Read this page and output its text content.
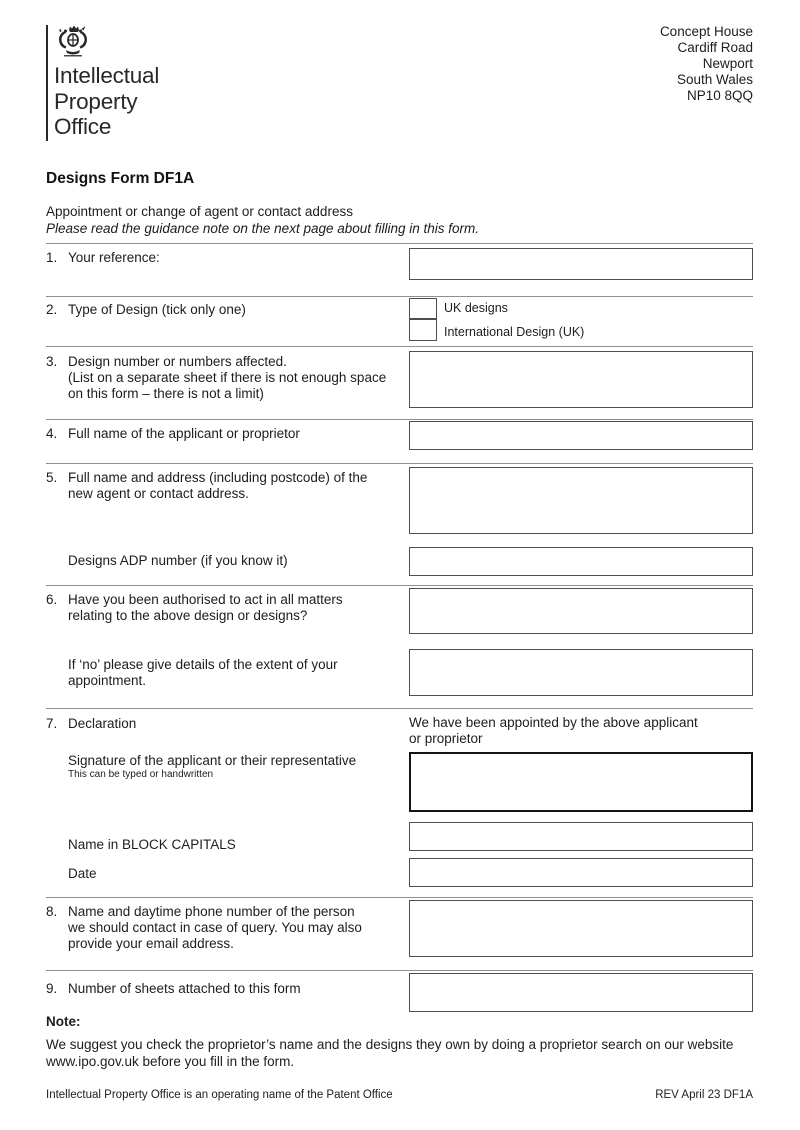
Intellectual
Property
Office
Concept House
Cardiff Road
Newport
South Wales
NP10 8QQ
Designs Form DF1A
Appointment or change of agent or contact address
Please read the guidance note on the next page about filling in this form.
1. Your reference:
2. Type of Design (tick only one)	UK designs
International Design (UK)
3. Design number or numbers affected.
(List on a separate sheet if there is not enough space
on this form – there is not a limit)
4. Full name of the applicant or proprietor
5. Full name and address (including postcode) of the
new agent or contact address.
Designs ADP number (if you know it)
6. Have you been authorised to act in all matters
relating to the above design or designs?
If ‘no’ please give details of the extent of your
appointment.
7. Declaration	We have been appointed by the above applicant
or proprietor
Signature of the applicant or their representative
This can be typed or handwritten
Name in BLOCK CAPITALS
Date
8. Name and daytime phone number of the person
we should contact in case of query. You may also
provide your email address.
9. Number of sheets attached to this form
Note:
We suggest you check the proprietor’s name and the designs they own by doing a proprietor search on our website
www.ipo.gov.uk before you fill in the form.
Intellectual Property Office is an operating name of the Patent Office	REV April 23 DF1A
